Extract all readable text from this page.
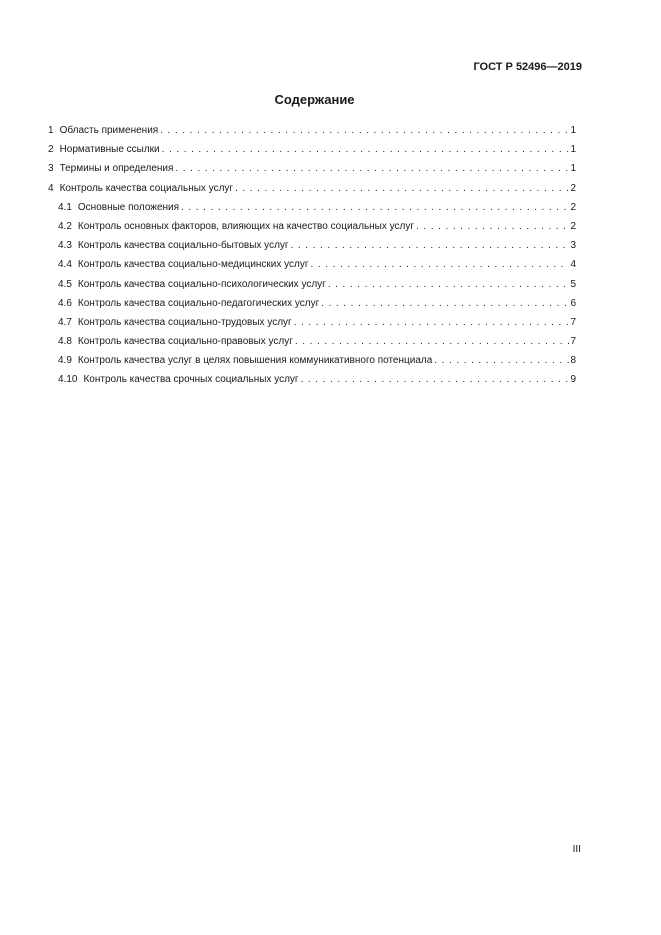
ГОСТ Р 52496—2019
Содержание
1 Область применения . . .	1
2 Нормативные ссылки . . .	1
3 Термины и определения . . .	1
4 Контроль качества социальных услуг . . .	2
4.1 Основные положения . . .	2
4.2 Контроль основных факторов, влияющих на качество социальных услуг . . .	2
4.3 Контроль качества социально-бытовых услуг . . .	3
4.4 Контроль качества социально-медицинских услуг . . .	4
4.5 Контроль качества социально-психологических услуг . . .	5
4.6 Контроль качества социально-педагогических услуг . . .	6
4.7 Контроль качества социально-трудовых услуг . . .	7
4.8 Контроль качества социально-правовых услуг . . .	7
4.9 Контроль качества услуг в целях повышения коммуникативного потенциала . . .	8
4.10 Контроль качества срочных социальных услуг . . .	9
III
